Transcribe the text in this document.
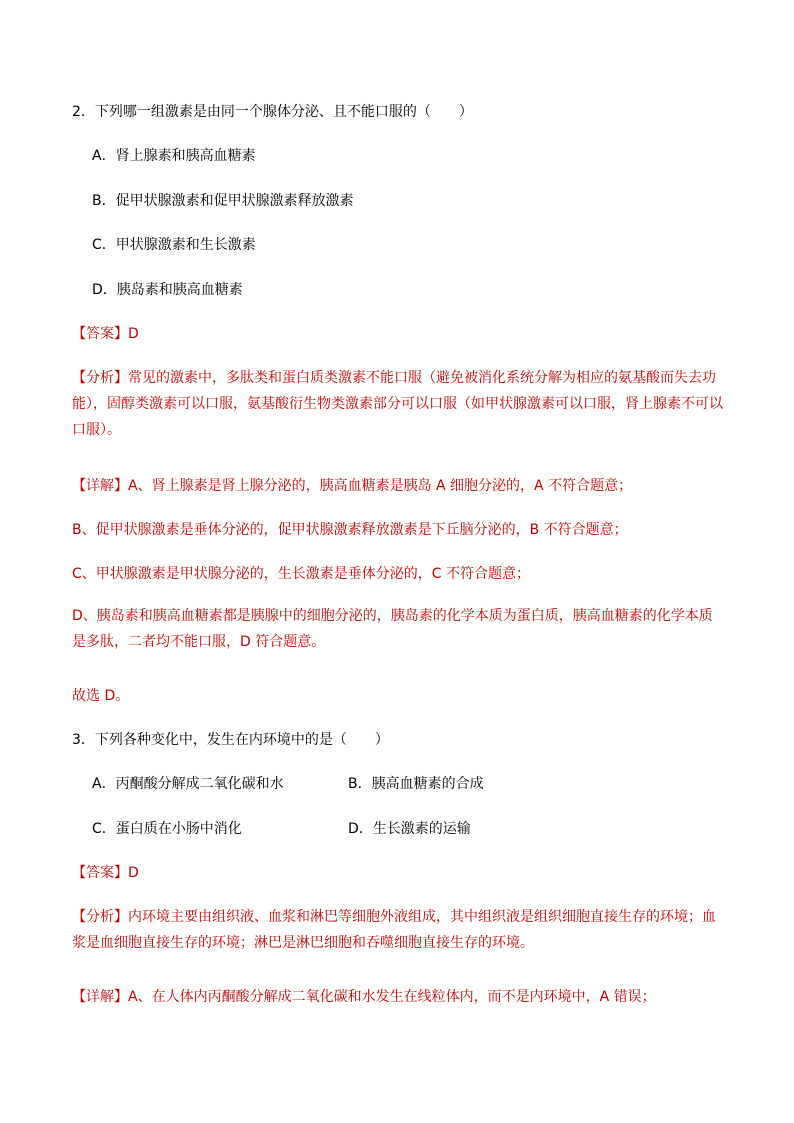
2．下列哪一组激素是由同一个腺体分泌、且不能口服的（　　）
A．肾上腺素和胰高血糖素
B．促甲状腺激素和促甲状腺激素释放激素
C．甲状腺激素和生长激素
D．胰岛素和胰高血糖素
【答案】D
【分析】常见的激素中，多肽类和蛋白质类激素不能口服（避免被消化系统分解为相应的氨基酸而失去功能），固醇类激素可以口服，氨基酸衍生物类激素部分可以口服（如甲状腺激素可以口服，肾上腺素不可以口服）。
【详解】A、肾上腺素是肾上腺分泌的，胰高血糖素是胰岛 A 细胞分泌的，A 不符合题意；
B、促甲状腺激素是垂体分泌的，促甲状腺激素释放激素是下丘脑分泌的，B 不符合题意；
C、甲状腺激素是甲状腺分泌的，生长激素是垂体分泌的，C 不符合题意；
D、胰岛素和胰高血糖素都是胰腺中的细胞分泌的，胰岛素的化学本质为蛋白质，胰高血糖素的化学本质是多肽，二者均不能口服，D 符合题意。
故选 D。
3．下列各种变化中，发生在内环境中的是（　　）
A．丙酮酸分解成二氧化碳和水	B．胰高血糖素的合成
C．蛋白质在小肠中消化	D．生长激素的运输
【答案】D
【分析】内环境主要由组织液、血浆和淋巴等细胞外液组成，其中组织液是组织细胞直接生存的环境；血浆是血细胞直接生存的环境；淋巴是淋巴细胞和吞噬细胞直接生存的环境。
【详解】A、在人体内丙酮酸分解成二氧化碳和水发生在线粒体内，而不是内环境中，A 错误；
